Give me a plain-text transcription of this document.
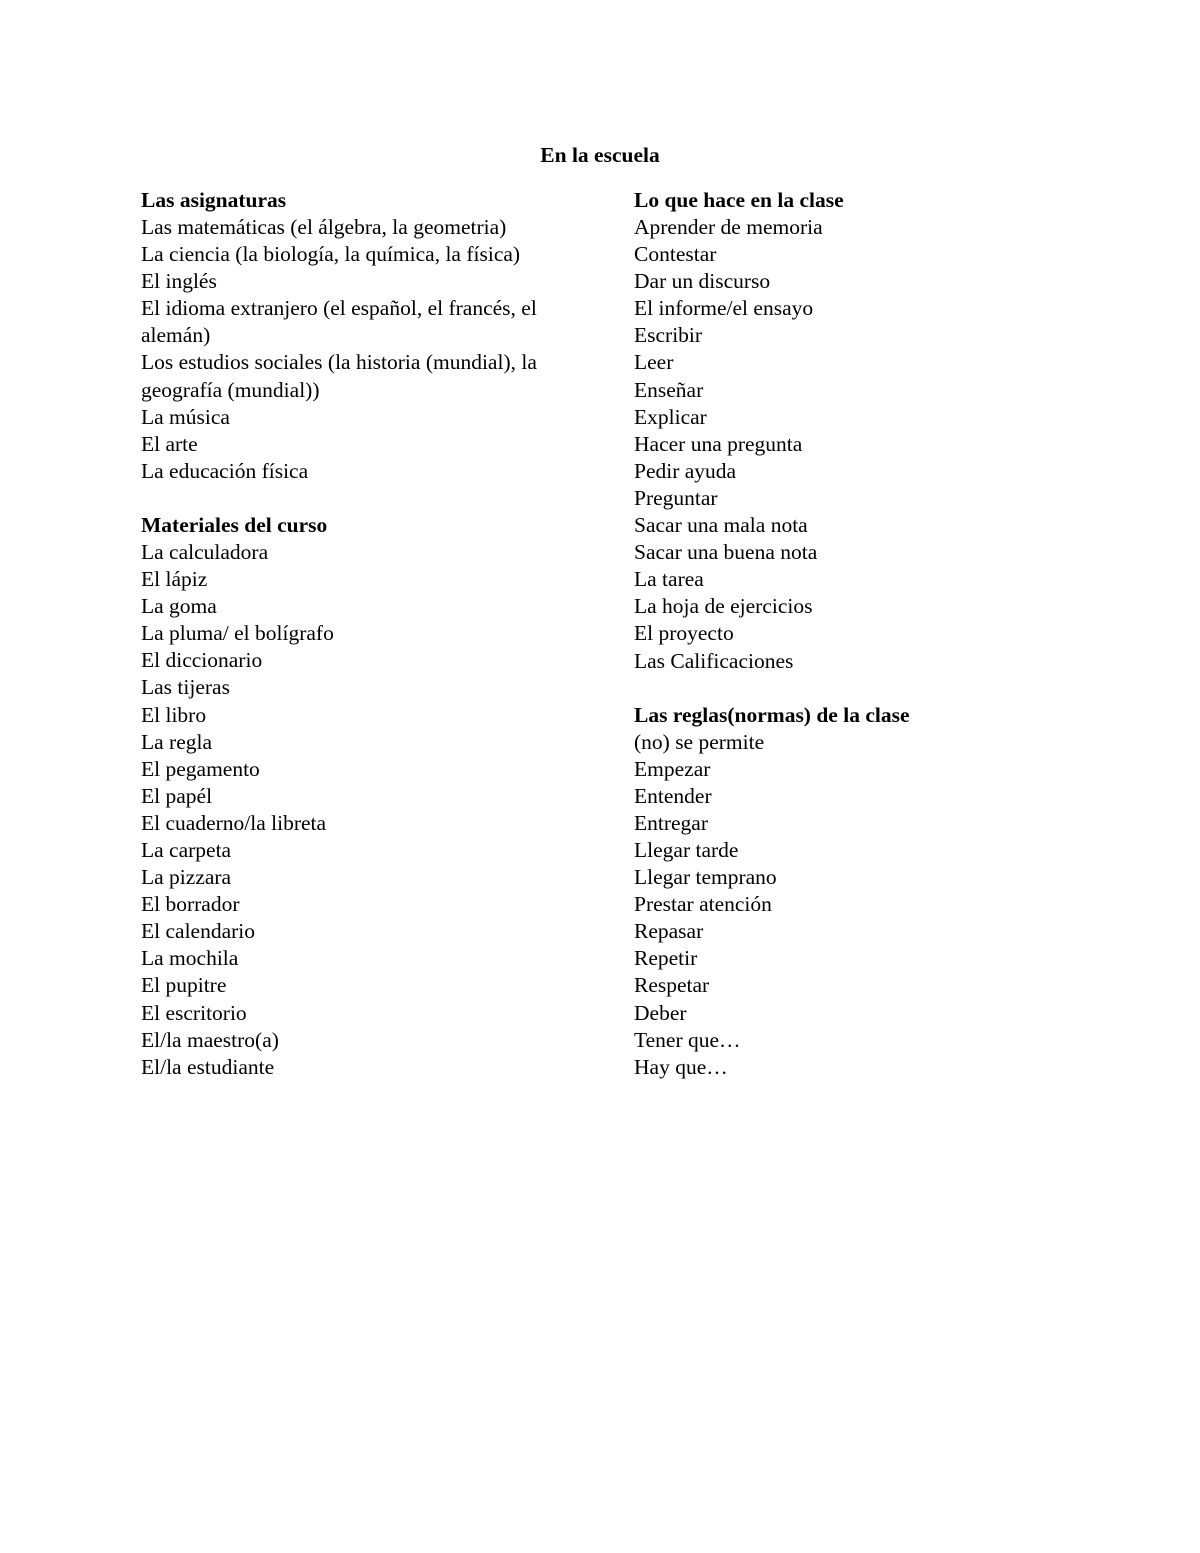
En la escuela
Las asignaturas
Las matemáticas (el álgebra, la geometria)
La ciencia (la biología, la química, la física)
El inglés
El idioma extranjero (el español, el francés, el alemán)
Los estudios sociales (la historia (mundial), la geografía (mundial))
La música
El arte
La educación física
Materiales del curso
La calculadora
El lápiz
La goma
La pluma/ el bolígrafo
El diccionario
Las tijeras
El libro
La regla
El pegamento
El papél
El cuaderno/la libreta
La carpeta
La pizzara
El borrador
El calendario
La mochila
El pupitre
El escritorio
El/la maestro(a)
El/la estudiante
Lo que hace en la clase
Aprender de memoria
Contestar
Dar un discurso
El informe/el ensayo
Escribir
Leer
Enseñar
Explicar
Hacer una pregunta
Pedir ayuda
Preguntar
Sacar una mala nota
Sacar una buena nota
La tarea
La hoja de ejercicios
El proyecto
Las Calificaciones
Las reglas(normas) de la clase
(no) se permite
Empezar
Entender
Entregar
Llegar tarde
Llegar temprano
Prestar atención
Repasar
Repetir
Respetar
Deber
Tener que…
Hay que…
